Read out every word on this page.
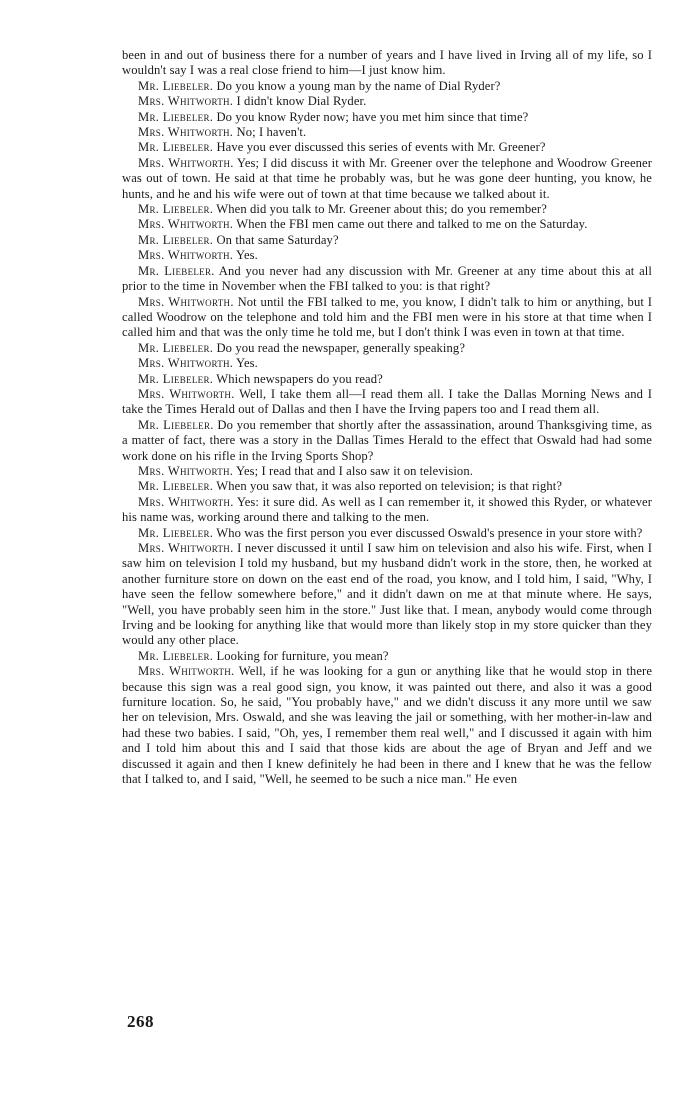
been in and out of business there for a number of years and I have lived in Irving all of my life, so I wouldn't say I was a real close friend to him—I just know him.

Mr. Liebeler. Do you know a young man by the name of Dial Ryder?

Mrs. Whitworth. I didn't know Dial Ryder.

Mr. Liebeler. Do you know Ryder now; have you met him since that time?

Mrs. Whitworth. No; I haven't.

Mr. Liebeler. Have you ever discussed this series of events with Mr. Greener?

Mrs. Whitworth. Yes; I did discuss it with Mr. Greener over the telephone and Woodrow Greener was out of town. He said at that time he probably was, but he was gone deer hunting, you know, he hunts, and he and his wife were out of town at that time because we talked about it.

Mr. Liebeler. When did you talk to Mr. Greener about this; do you remember?

Mrs. Whitworth. When the FBI men came out there and talked to me on the Saturday.

Mr. Liebeler. On that same Saturday?

Mrs. Whitworth. Yes.

Mr. Liebeler. And you never had any discussion with Mr. Greener at any time about this at all prior to the time in November when the FBI talked to you: is that right?

Mrs. Whitworth. Not until the FBI talked to me, you know, I didn't talk to him or anything, but I called Woodrow on the telephone and told him and the FBI men were in his store at that time when I called him and that was the only time he told me, but I don't think I was even in town at that time.

Mr. Liebeler. Do you read the newspaper, generally speaking?

Mrs. Whitworth. Yes.

Mr. Liebeler. Which newspapers do you read?

Mrs. Whitworth. Well, I take them all—I read them all. I take the Dallas Morning News and I take the Times Herald out of Dallas and then I have the Irving papers too and I read them all.

Mr. Liebeler. Do you remember that shortly after the assassination, around Thanksgiving time, as a matter of fact, there was a story in the Dallas Times Herald to the effect that Oswald had had some work done on his rifle in the Irving Sports Shop?

Mrs. Whitworth. Yes; I read that and I also saw it on television.

Mr. Liebeler. When you saw that, it was also reported on television; is that right?

Mrs. Whitworth. Yes: it sure did. As well as I can remember it, it showed this Ryder, or whatever his name was, working around there and talking to the men.

Mr. Liebeler. Who was the first person you ever discussed Oswald's presence in your store with?

Mrs. Whitworth. I never discussed it until I saw him on television and also his wife. First, when I saw him on television I told my husband, but my husband didn't work in the store, then, he worked at another furniture store on down on the east end of the road, you know, and I told him, I said, "Why, I have seen the fellow somewhere before," and it didn't dawn on me at that minute where. He says, "Well, you have probably seen him in the store." Just like that. I mean, anybody would come through Irving and be looking for anything like that would more than likely stop in my store quicker than they would any other place.

Mr. Liebeler. Looking for furniture, you mean?

Mrs. Whitworth. Well, if he was looking for a gun or anything like that he would stop in there because this sign was a real good sign, you know, it was painted out there, and also it was a good furniture location. So, he said, "You probably have," and we didn't discuss it any more until we saw her on television, Mrs. Oswald, and she was leaving the jail or something, with her mother-in-law and had these two babies. I said, "Oh, yes, I remember them real well," and I discussed it again with him and I told him about this and I said that those kids are about the age of Bryan and Jeff and we discussed it again and then I knew definitely he had been in there and I knew that he was the fellow that I talked to, and I said, "Well, he seemed to be such a nice man." He even

268
